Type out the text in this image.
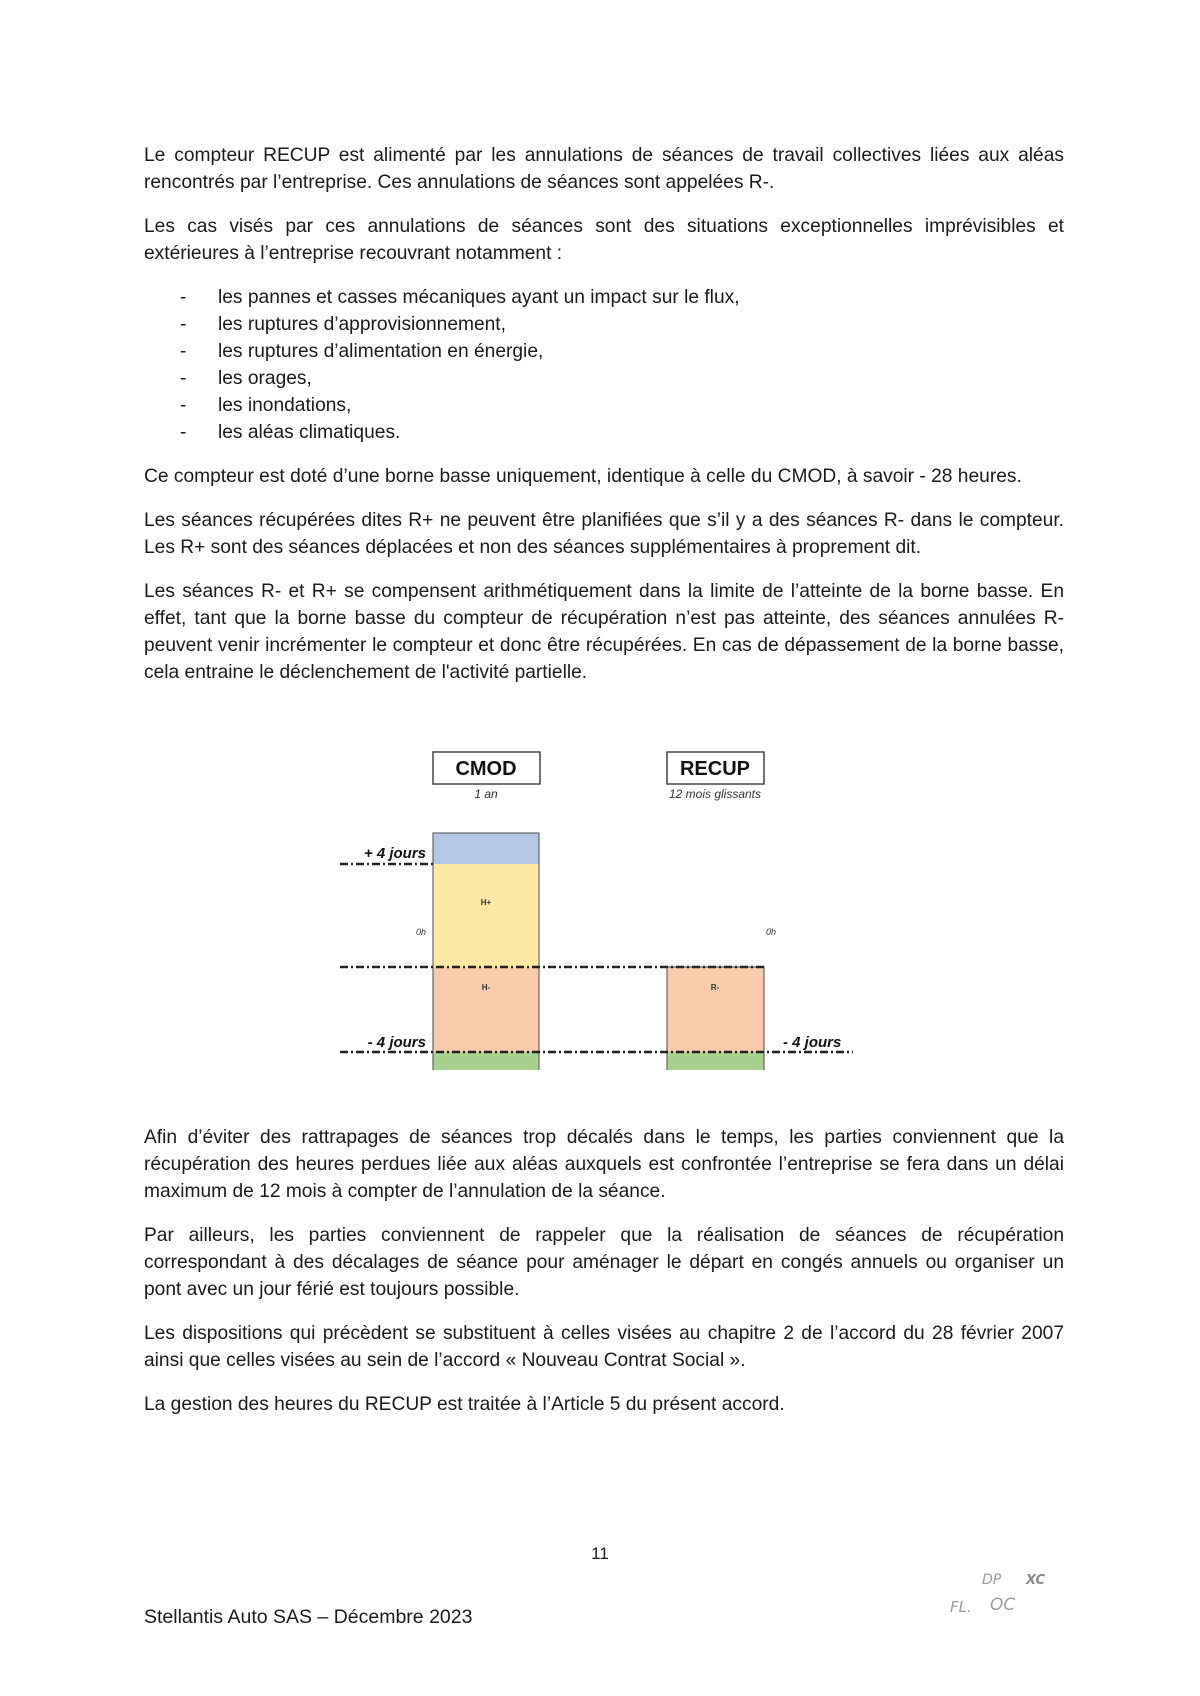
Le compteur RECUP est alimenté par les annulations de séances de travail collectives liées aux aléas rencontrés par l’entreprise. Ces annulations de séances sont appelées R-.

Les cas visés par ces annulations de séances sont des situations exceptionnelles imprévisibles et extérieures à l’entreprise recouvrant notamment :

- les pannes et casses mécaniques ayant un impact sur le flux,
- les ruptures d’approvisionnement,
- les ruptures d’alimentation en énergie,
- les orages,
- les inondations,
- les aléas climatiques.

Ce compteur est doté d’une borne basse uniquement, identique à celle du CMOD, à savoir - 28 heures.

Les séances récupérées dites R+ ne peuvent être planifiées que s’il y a des séances R- dans le compteur. Les R+ sont des séances déplacées et non des séances supplémentaires à proprement dit.

Les séances R- et R+ se compensent arithmétiquement dans la limite de l’atteinte de la borne basse. En effet, tant que la borne basse du compteur de récupération n’est pas atteinte, des séances annulées R- peuvent venir incrémenter le compteur et donc être récupérées. En cas de dépassement de la borne basse, cela entraine le déclenchement de l'activité partielle.

CMOD
1 an
RECUP
12 mois glissants
+ 4 jours
0h	0h
- 4 jours	- 4 jours
H+
H-	R-

Afin d’éviter des rattrapages de séances trop décalés dans le temps, les parties conviennent que la récupération des heures perdues liée aux aléas auxquels est confrontée l’entreprise se fera dans un délai maximum de 12 mois à compter de l’annulation de la séance.

Par ailleurs, les parties conviennent de rappeler que la réalisation de séances de récupération correspondant à des décalages de séance pour aménager le départ en congés annuels ou organiser un pont avec un jour férié est toujours possible.

Les dispositions qui précèdent se substituent à celles visées au chapitre 2 de l’accord du 28 février 2007 ainsi que celles visées au sein de l’accord « Nouveau Contrat Social ».

La gestion des heures du RECUP est traitée à l’Article 5 du présent accord.

11
Stellantis Auto SAS – Décembre 2023
DP XC
FL. OC
